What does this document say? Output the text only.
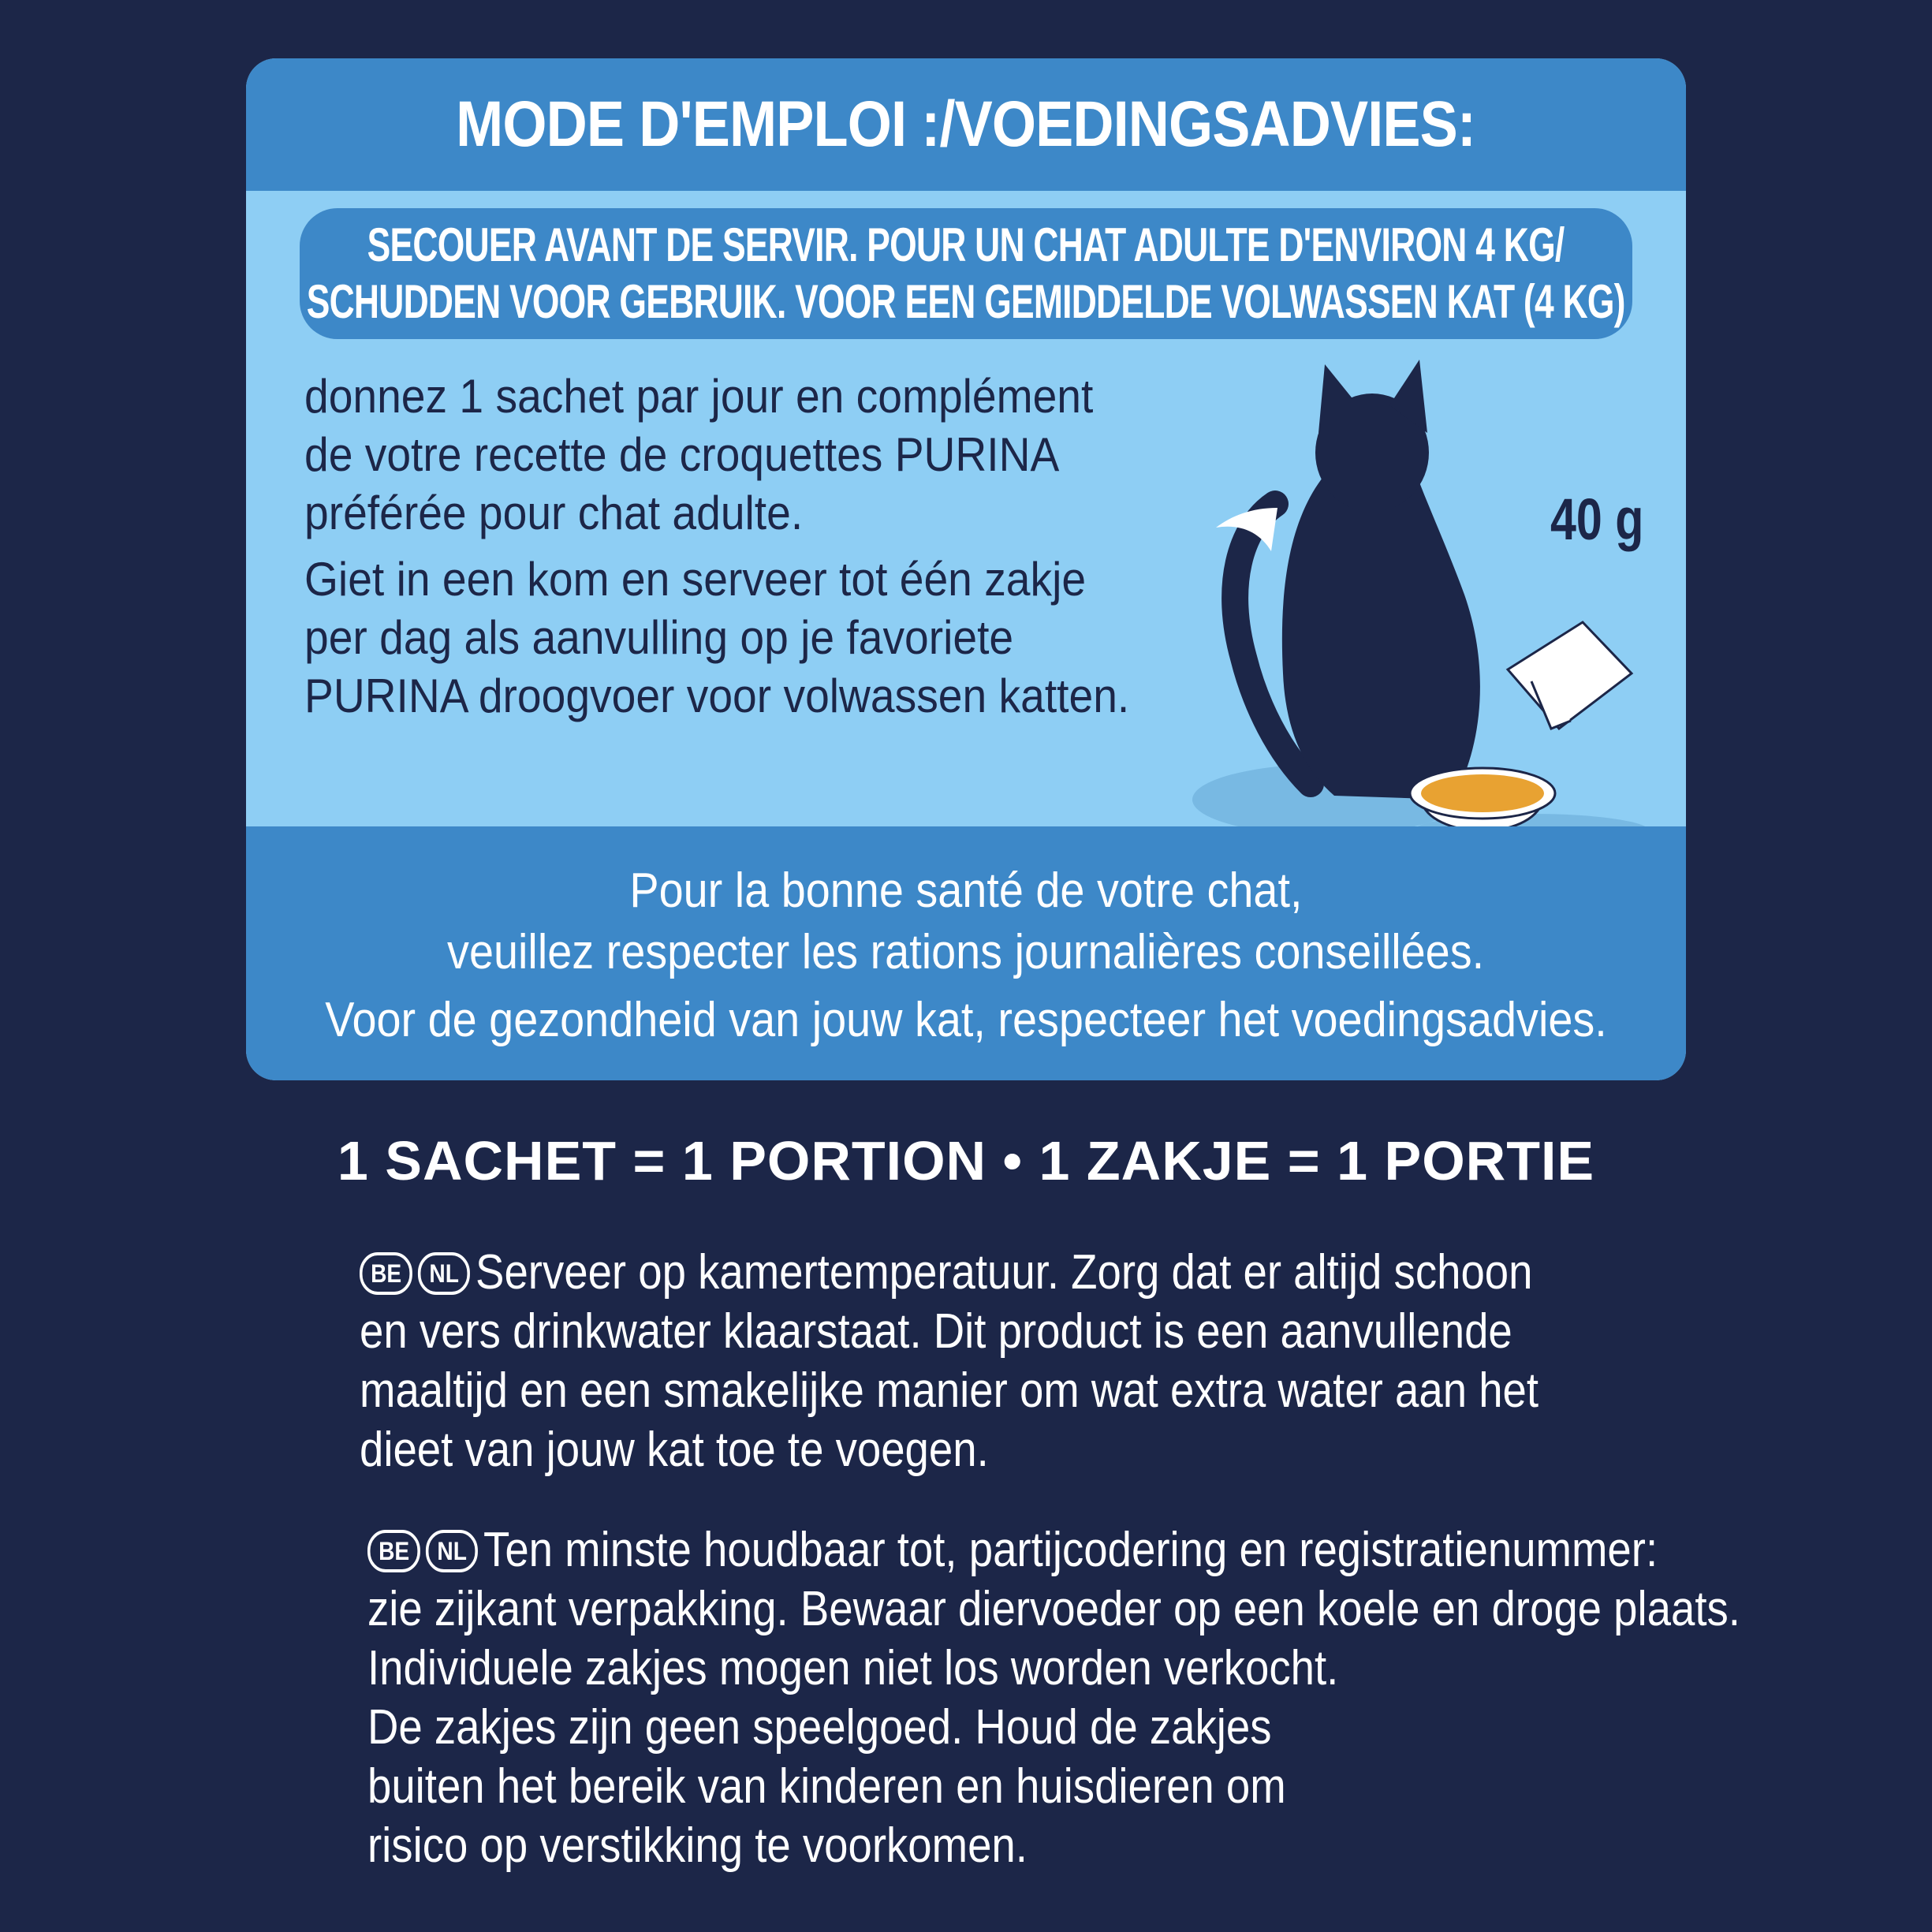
MODE D'EMPLOI :/VOEDINGSADVIES:
SECOUER AVANT DE SERVIR. POUR UN CHAT ADULTE D'ENVIRON 4 KG/
SCHUDDEN VOOR GEBRUIK. VOOR EEN GEMIDDELDE VOLWASSEN KAT (4 KG)

donnez 1 sachet par jour en complément

de votre recette de croquettes PURINA

préférée pour chat adulte.

Giet in een kom en serveer tot één zakje

per dag als aanvulling op je favoriete

PURINA droogvoer voor volwassen katten.

40 g
Pour la bonne santé de votre chat,
veuillez respecter les rations journalières conseillées.
Voor de gezondheid van jouw kat, respecteer het voedingsadvies.
1 SACHET = 1 PORTION • 1 ZAKJE = 1 PORTIE

BE NL Serveer op kamertemperatuur. Zorg dat er altijd schoon

en vers drinkwater klaarstaat. Dit product is een aanvullende

maaltijd en een smakelijke manier om wat extra water aan het

dieet van jouw kat toe te voegen.

BE NL Ten minste houdbaar tot, partijcodering en registratienummer:

zie zijkant verpakking. Bewaar diervoeder op een koele en droge plaats.

Individuele zakjes mogen niet los worden verkocht.

De zakjes zijn geen speelgoed. Houd de zakjes

buiten het bereik van kinderen en huisdieren om

risico op verstikking te voorkomen.
